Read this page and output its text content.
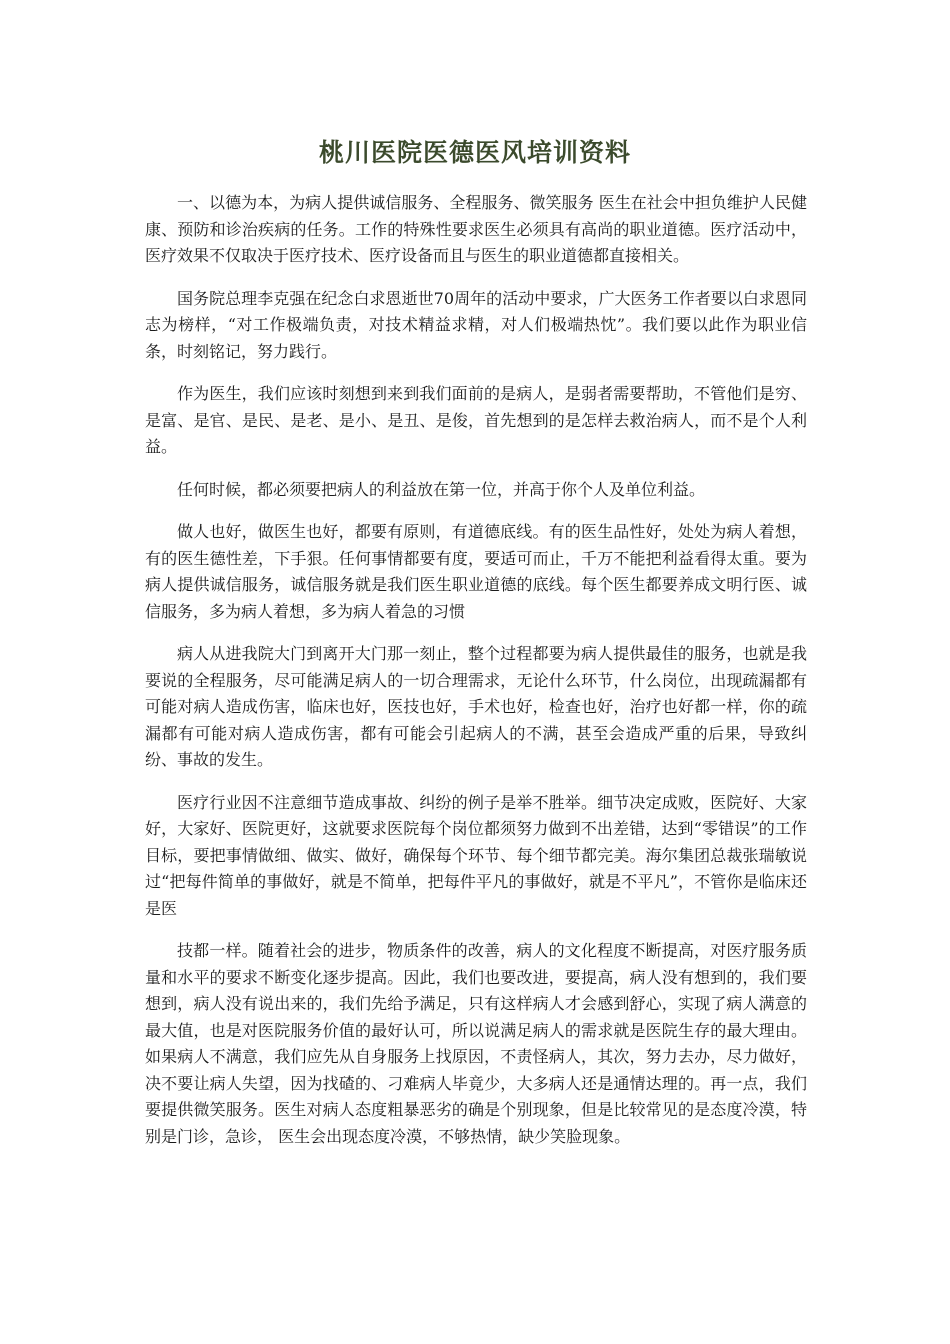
桃川医院医德医风培训资料

一、以德为本，为病人提供诚信服务、全程服务、微笑服务 医生在社会中担负维护人民健康、预防和诊治疾病的任务。工作的特殊性要求医生必须具有高尚的职业道德。医疗活动中，医疗效果不仅取决于医疗技术、医疗设备而且与医生的职业道德都直接相关。

国务院总理李克强在纪念白求恩逝世70周年的活动中要求，广大医务工作者要以白求恩同志为榜样，“对工作极端负责，对技术精益求精，对人们极端热忱”。我们要以此作为职业信条，时刻铭记，努力践行。

作为医生，我们应该时刻想到来到我们面前的是病人，是弱者需要帮助，不管他们是穷、是富、是官、是民、是老、是小、是丑、是俊，首先想到的是怎样去救治病人，而不是个人利益。

任何时候，都必须要把病人的利益放在第一位，并高于你个人及单位利益。

做人也好，做医生也好，都要有原则，有道德底线。有的医生品性好，处处为病人着想，有的医生德性差，下手狠。任何事情都要有度，要适可而止，千万不能把利益看得太重。要为病人提供诚信服务，诚信服务就是我们医生职业道德的底线。每个医生都要养成文明行医、诚信服务，多为病人着想，多为病人着急的习惯

病人从进我院大门到离开大门那一刻止，整个过程都要为病人提供最佳的服务，也就是我要说的全程服务，尽可能满足病人的一切合理需求，无论什么环节，什么岗位，出现疏漏都有可能对病人造成伤害，临床也好，医技也好，手术也好，检查也好，治疗也好都一样，你的疏漏都有可能对病人造成伤害，都有可能会引起病人的不满，甚至会造成严重的后果，导致纠纷、事故的发生。

医疗行业因不注意细节造成事故、纠纷的例子是举不胜举。细节决定成败，医院好、大家好，大家好、医院更好，这就要求医院每个岗位都须努力做到不出差错，达到“零错误”的工作目标，要把事情做细、做实、做好，确保每个环节、每个细节都完美。海尔集团总裁张瑞敏说过“把每件简单的事做好，就是不简单，把每件平凡的事做好，就是不平凡”，不管你是临床还是医

技都一样。随着社会的进步，物质条件的改善，病人的文化程度不断提高，对医疗服务质量和水平的要求不断变化逐步提高。因此，我们也要改进，要提高，病人没有想到的，我们要想到，病人没有说出来的，我们先给予满足，只有这样病人才会感到舒心，实现了病人满意的最大值，也是对医院服务价值的最好认可，所以说满足病人的需求就是医院生存的最大理由。如果病人不满意，我们应先从自身服务上找原因，不责怪病人，其次，努力去办，尽力做好，决不要让病人失望，因为找碴的、刁难病人毕竟少，大多病人还是通情达理的。再一点，我们要提供微笑服务。医生对病人态度粗暴恶劣的确是个别现象，但是比较常见的是态度冷漠，特别是门诊，急诊， 医生会出现态度冷漠，不够热情，缺少笑脸现象。
